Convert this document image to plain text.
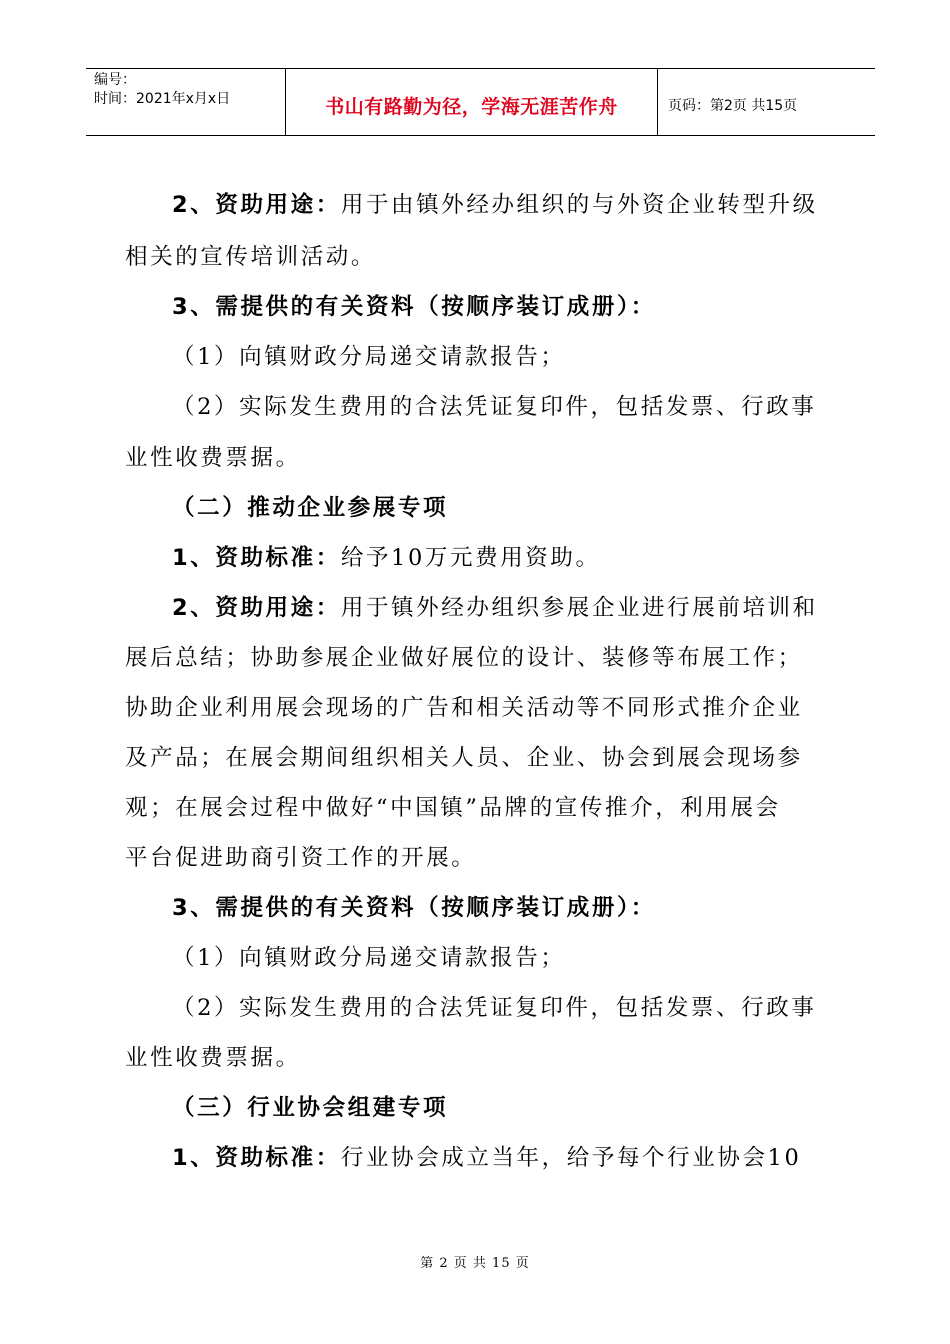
编号：
时间：2021年x月x日	书山有路勤为径，学海无涯苦作舟	页码：第2页 共15页
2、资助用途：用于由镇外经办组织的与外资企业转型升级
相关的宣传培训活动。
3、需提供的有关资料（按顺序装订成册）：
（1）向镇财政分局递交请款报告；
（2）实际发生费用的合法凭证复印件，包括发票、行政事
业性收费票据。
（二）推动企业参展专项
1、资助标准：给予10万元费用资助。
2、资助用途：用于镇外经办组织参展企业进行展前培训和
展后总结；协助参展企业做好展位的设计、装修等布展工作；
协助企业利用展会现场的广告和相关活动等不同形式推介企业
及产品；在展会期间组织相关人员、企业、协会到展会现场参
观；在展会过程中做好“中国镇”品牌的宣传推介，利用展会
平台促进助商引资工作的开展。
3、需提供的有关资料（按顺序装订成册）：
（1）向镇财政分局递交请款报告；
（2）实际发生费用的合法凭证复印件，包括发票、行政事
业性收费票据。
（三）行业协会组建专项
1、资助标准：行业协会成立当年，给予每个行业协会10
第 2 页 共 15 页
